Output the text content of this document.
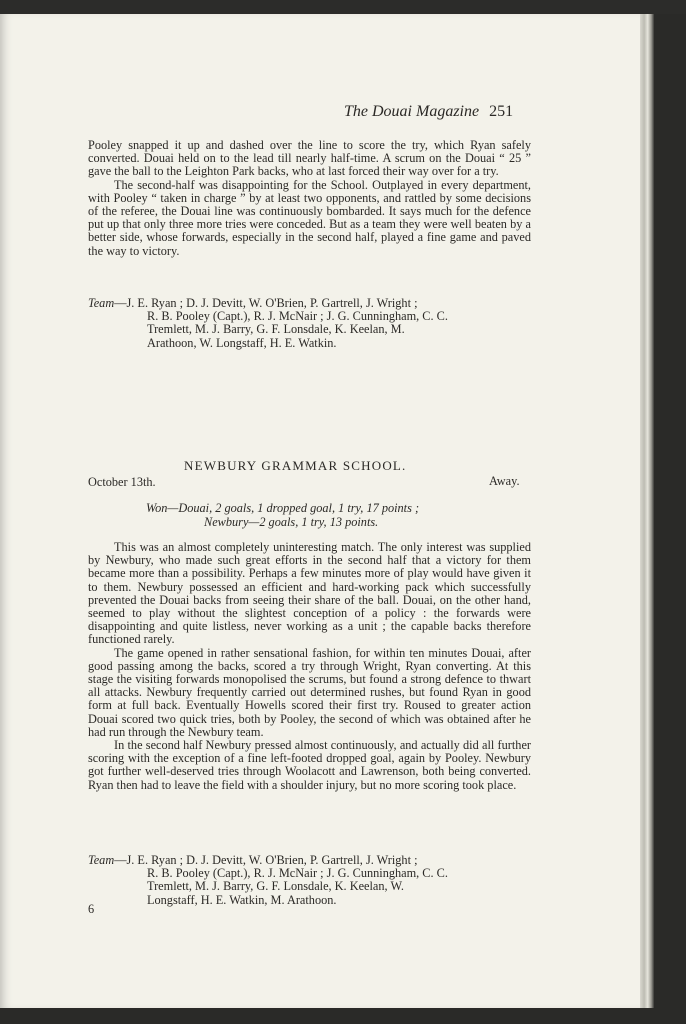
The Douai Magazine 251

Pooley snapped it up and dashed over the line to score the try, which Ryan safely converted. Douai held on to the lead till nearly half-time. A scrum on the Douai “ 25 ” gave the ball to the Leighton Park backs, who at last forced their way over for a try.

The second-half was disappointing for the School. Outplayed in every department, with Pooley “ taken in charge ” by at least two opponents, and rattled by some decisions of the referee, the Douai line was continuously bombarded. It says much for the defence put up that only three more tries were conceded. But as a team they were well beaten by a better side, whose forwards, especially in the second half, played a fine game and paved the way to victory.

Team—J. E. Ryan ; D. J. Devitt, W. O'Brien, P. Gartrell, J. Wright ;
R. B. Pooley (Capt.), R. J. McNair ; J. G. Cunningham, C. C.
Tremlett, M. J. Barry, G. F. Lonsdale, K. Keelan, M.
Arathoon, W. Longstaff, H. E. Watkin.
NEWBURY GRAMMAR SCHOOL.
October 13th.	Away.
Won—Douai, 2 goals, 1 dropped goal, 1 try, 17 points ;
Newbury—2 goals, 1 try, 13 points.

This was an almost completely uninteresting match. The only interest was supplied by Newbury, who made such great efforts in the second half that a victory for them became more than a possibility. Perhaps a few minutes more of play would have given it to them. Newbury possessed an efficient and hard-working pack which successfully prevented the Douai backs from seeing their share of the ball. Douai, on the other hand, seemed to play without the slightest conception of a policy : the forwards were disappointing and quite listless, never working as a unit ; the capable backs therefore functioned rarely.

The game opened in rather sensational fashion, for within ten minutes Douai, after good passing among the backs, scored a try through Wright, Ryan converting. At this stage the visiting forwards monopolised the scrums, but found a strong defence to thwart all attacks. Newbury frequently carried out determined rushes, but found Ryan in good form at full back. Eventually Howells scored their first try. Roused to greater action Douai scored two quick tries, both by Pooley, the second of which was obtained after he had run through the Newbury team.

In the second half Newbury pressed almost continuously, and actually did all further scoring with the exception of a fine left-footed dropped goal, again by Pooley. Newbury got further well-deserved tries through Woolacott and Lawrenson, both being converted. Ryan then had to leave the field with a shoulder injury, but no more scoring took place.

Team—J. E. Ryan ; D. J. Devitt, W. O'Brien, P. Gartrell, J. Wright ;
R. B. Pooley (Capt.), R. J. McNair ; J. G. Cunningham, C. C.
Tremlett, M. J. Barry, G. F. Lonsdale, K. Keelan, W.
Longstaff, H. E. Watkin, M. Arathoon.
6
